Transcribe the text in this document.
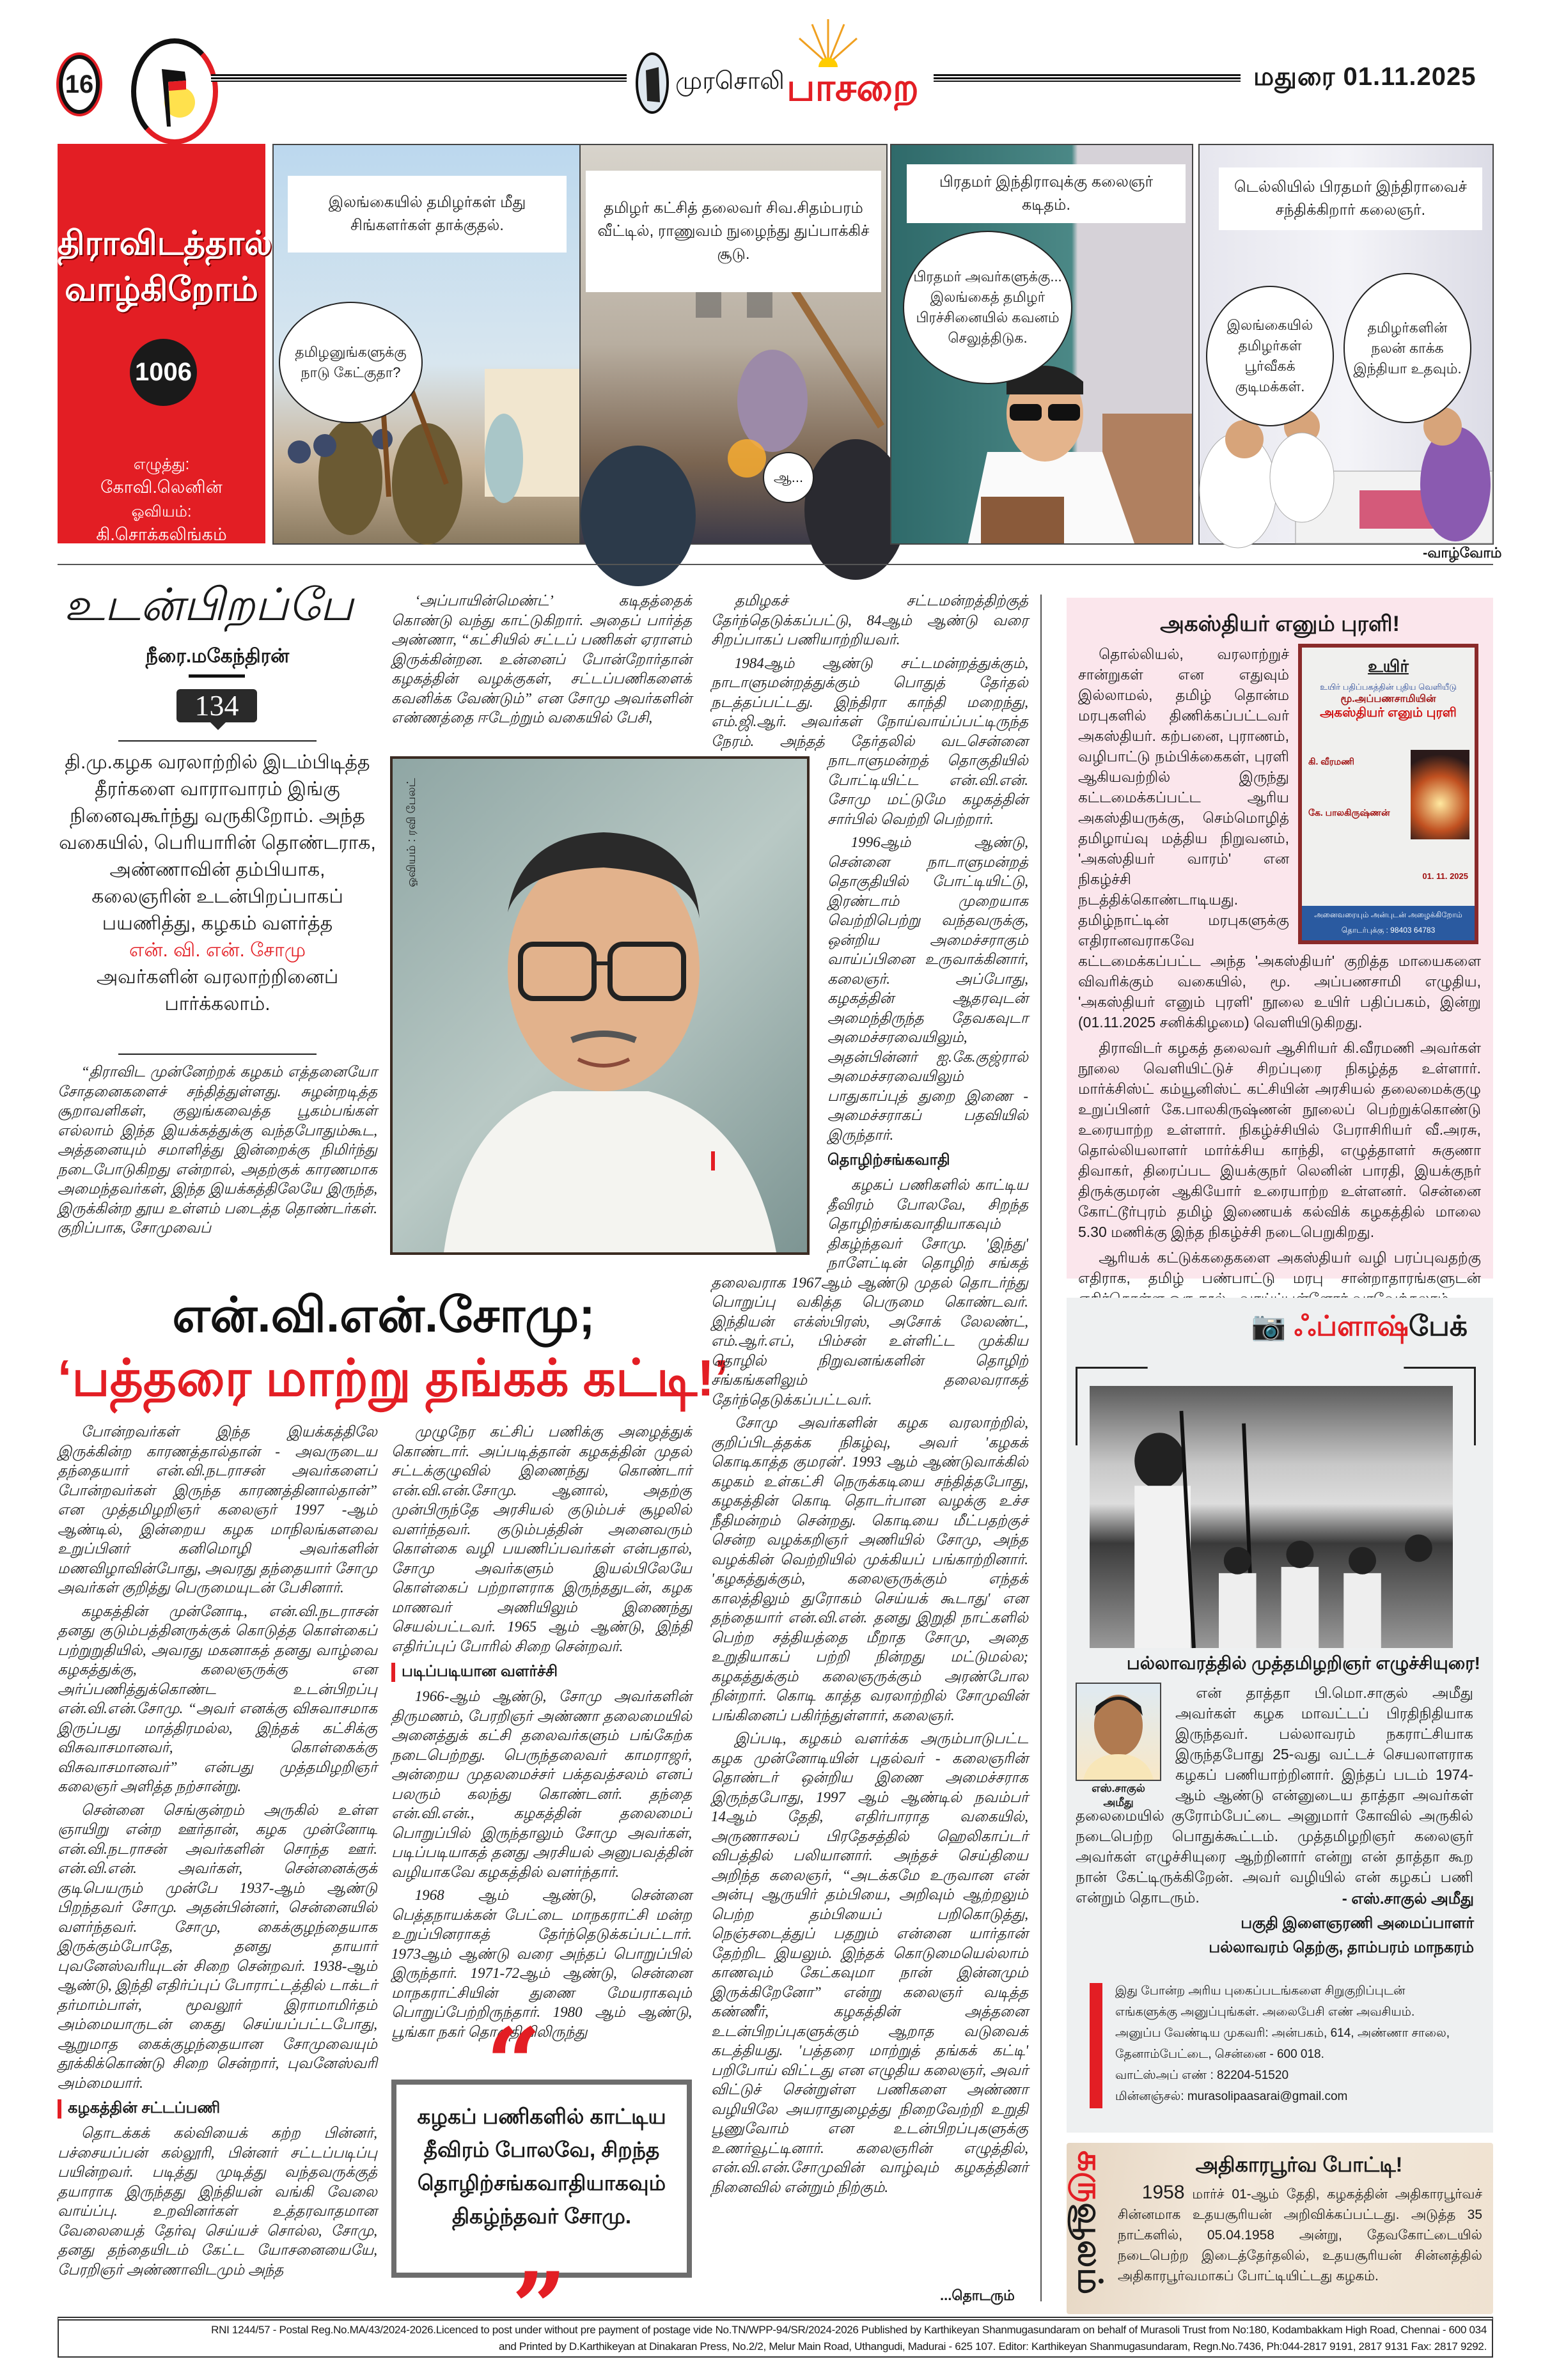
16	முரசொலி பாசறை	மதுரை 01.11.2025
திராவிடத்தால்
வாழ்கிறோம்
1006
எழுத்து:
கோவி.லெனின்
ஓவியம்:
கி.சொக்கலிங்கம்
இலங்கையில் தமிழர்கள் மீது சிங்களர்கள் தாக்குதல்.
தமிழனுங்களுக்கு நாடு கேட்குதா?
தமிழர் கட்சித் தலைவர் சிவ.சிதம்பரம் வீட்டில், ராணுவம் நுழைந்து துப்பாக்கிச் சூடு.
ஆ...
பிரதமர் இந்திராவுக்கு கலைஞர் கடிதம்.
பிரதமர் அவர்களுக்கு... இலங்கைத் தமிழர் பிரச்சினையில் கவனம் செலுத்திடுக.
டெல்லியில் பிரதமர் இந்திராவைச் சந்திக்கிறார் கலைஞர்.
இலங்கையில் தமிழர்கள் பூர்வீகக் குடிமக்கள்.
தமிழர்களின் நலன் காக்க இந்தியா உதவும்.
-வாழ்வோம்
உடன்பிறப்பே
நீரை.மகேந்திரன்
134
தி.மு.கழக வரலாற்றில் இடம்பிடித்த தீரர்களை வாராவாரம் இங்கு நினைவுகூர்ந்து வருகிறோம். அந்த வகையில், பெரியாரின் தொண்டராக, அண்ணாவின் தம்பியாக, கலைஞரின் உடன்பிறப்பாகப் பயணித்து, கழகம் வளர்த்த
என். வி. என். சோமு
அவர்களின் வரலாற்றினைப் பார்க்கலாம்.

“திராவிட முன்னேற்றக் கழகம் எத்தனையோ சோதனைகளைச் சந்தித்துள்ளது. சுழன்றடித்த சூறாவளிகள், குலுங்கவைத்த பூகம்பங்கள் எல்லாம் இந்த இயக்கத்துக்கு வந்தபோதும்கூட, அத்தனையும் சமாளித்து இன்றைக்கு நிமிர்ந்து நடைபோடுகிறது என்றால், அதற்குக் காரணமாக அமைந்தவர்கள், இந்த இயக்கத்திலேயே இருந்த, இருக்கின்ற தூய உள்ளம் படைத்த தொண்டர்கள். குறிப்பாக, சோமுவைப்

‘அப்பாயின்மெண்ட்’ கடிதத்தைக் கொண்டு வந்து காட்டுகிறார். அதைப் பார்த்த அண்ணா, “கட்சியில் சட்டப் பணிகள் ஏராளம் இருக்கின்றன. உன்னைப் போன்றோர்தான் கழகத்தின் வழக்குகள், சட்டப்பணிகளைக் கவனிக்க வேண்டும்” என சோமு அவர்களின் எண்ணத்தை ஈடேற்றும் வகையில் பேசி,

ஓவியம் : ரவி பேலட்
என்.வி.என்.சோமு;
‘பத்தரை மாற்று தங்கக் கட்டி!’

போன்றவர்கள் இந்த இயக்கத்திலே இருக்கின்ற காரணத்தால்தான் - அவருடைய தந்தையார் என்.வி.நடராசன் அவர்களைப் போன்றவர்கள் இருந்த காரணத்தினால்தான்” என முத்தமிழறிஞர் கலைஞர் 1997 -ஆம் ஆண்டில், இன்றைய கழக மாநிலங்களவை உறுப்பினர் கனிமொழி அவர்களின் மணவிழாவின்போது, அவரது தந்தையார் சோமு அவர்கள் குறித்து பெருமையுடன் பேசினார்.

கழகத்தின் முன்னோடி, என்.வி.நடராசன் தனது குடும்பத்தினருக்குக் கொடுத்த கொள்கைப் பற்றுறுதியில், அவரது மகனாகத் தனது வாழ்வை கழகத்துக்கு, கலைஞருக்கு என அர்ப்பணித்துக்கொண்ட உடன்பிறப்பு என்.வி.என்.சோமு. “அவர் எனக்கு விசுவாசமாக இருப்பது மாத்திரமல்ல, இந்தக் கட்சிக்கு விசுவாசமானவர், கொள்கைக்கு விசுவாசமானவர்” என்பது முத்தமிழறிஞர் கலைஞர் அளித்த நற்சான்று.

சென்னை செங்குன்றம் அருகில் உள்ள ஞாயிறு என்ற ஊர்தான், கழக முன்னோடி என்.வி.நடராசன் அவர்களின் சொந்த ஊர். என்.வி.என். அவர்கள், சென்னைக்குக் குடிபெயரும் முன்பே 1937-ஆம் ஆண்டு பிறந்தவர் சோமு. அதன்பின்னர், சென்னையில் வளர்ந்தவர். சோமு, கைக்குழந்தையாக இருக்கும்போதே, தனது தாயார் புவனேஸ்வரியுடன் சிறை சென்றவர். 1938-ஆம் ஆண்டு, இந்தி எதிர்ப்புப் போராட்டத்தில் டாக்டர் தர்மாம்பாள், மூவலூர் இராமாமிர்தம் அம்மையாருடன் கைது செய்யப்பட்டபோது, ஆறுமாத கைக்குழந்தையான சோமுவையும் தூக்கிக்கொண்டு சிறை சென்றார், புவனேஸ்வரி அம்மையார்.

கழகத்தின் சட்டப்பணி

தொடக்கக் கல்வியைக் கற்ற பின்னர், பச்சையப்பன் கல்லூரி, பின்னர் சட்டப்படிப்பு பயின்றவர். படித்து முடித்து வந்தவருக்குத் தயாராக இருந்தது இந்தியன் வங்கி வேலை வாய்ப்பு. உறவினர்கள் உத்தரவாதமான வேலையைத் தேர்வு செய்யச் சொல்ல, சோமு, தனது தந்தையிடம் கேட்ட யோசனையையே, பேரறிஞர் அண்ணாவிடமும் அந்த

முழுநேர கட்சிப் பணிக்கு அழைத்துக் கொண்டார். அப்படித்தான் கழகத்தின் முதல் சட்டக்குழுவில் இணைந்து கொண்டார் என்.வி.என்.சோமு. ஆனால், அதற்கு முன்பிருந்தே அரசியல் குடும்பச் சூழலில் வளர்ந்தவர். குடும்பத்தின் அனைவரும் கொள்கை வழி பயணிப்பவர்கள் என்பதால், சோமு அவர்களும் இயல்பிலேயே கொள்கைப் பற்றாளராக இருந்ததுடன், கழக மாணவர் அணியிலும் இணைந்து செயல்பட்டவர். 1965 ஆம் ஆண்டு, இந்தி எதிர்ப்புப் போரில் சிறை சென்றவர்.

படிப்படியான வளர்ச்சி

1966-ஆம் ஆண்டு, சோமு அவர்களின் திருமணம், பேரறிஞர் அண்ணா தலைமையில் அனைத்துக் கட்சி தலைவர்களும் பங்கேற்க நடைபெற்றது. பெருந்தலைவர் காமராஜர், அன்றைய முதலமைச்சர் பக்தவத்சலம் எனப் பலரும் கலந்து கொண்டனர். தந்தை என்.வி.என்., கழகத்தின் தலைமைப் பொறுப்பில் இருந்தாலும் சோமு அவர்கள், படிப்படியாகத் தனது அரசியல் அனுபவத்தின் வழியாகவே கழகத்தில் வளர்ந்தார்.

1968 ஆம் ஆண்டு, சென்னை பெத்தநாயக்கன் பேட்டை மாநகராட்சி மன்ற உறுப்பினராகத் தேர்ந்தெடுக்கப்பட்டார். 1973ஆம் ஆண்டு வரை அந்தப் பொறுப்பில் இருந்தார். 1971-72ஆம் ஆண்டு, சென்னை மாநகராட்சியின் துணை மேயராகவும் பொறுப்பேற்றிருந்தார். 1980 ஆம் ஆண்டு, பூங்கா நகர் தொகுதியிலிருந்து

“
கழகப் பணிகளில் காட்டிய தீவிரம் போலவே, சிறந்த தொழிற்சங்கவாதியாகவும் திகழ்ந்தவர் சோமு.
”

தமிழகச் சட்டமன்றத்திற்குத் தேர்ந்தெடுக்கப்பட்டு, 84ஆம் ஆண்டு வரை சிறப்பாகப் பணியாற்றியவர்.

1984ஆம் ஆண்டு சட்டமன்றத்துக்கும், நாடாளுமன்றத்துக்கும் பொதுத் தேர்தல் நடத்தப்பட்டது. இந்திரா காந்தி மறைந்து, எம்.ஜி.ஆர். அவர்கள் நோய்வாய்ப்பட்டிருந்த நேரம். அந்தத் தேர்தலில் வடசென்னை நாடாளுமன்றத் தொகுதியில் போட்டியிட்ட என்.வி.என். சோமு மட்டுமே கழகத்தின் சார்பில் வெற்றி பெற்றார்.

1996ஆம் ஆண்டு, சென்னை நாடாளுமன்றத் தொகுதியில் போட்டியிட்டு, இரண்டாம் முறையாக வெற்றிபெற்று வந்தவருக்கு, ஒன்றிய அமைச்சராகும் வாய்ப்பினை உருவாக்கினார், கலைஞர். அப்போது, கழகத்தின் ஆதரவுடன் அமைந்திருந்த தேவகவுடா அமைச்சரவையிலும், அதன்பின்னர் ஐ.கே.குஜ்ரால் அமைச்சரவையிலும் பாதுகாப்புத் துறை இணை - அமைச்சராகப் பதவியில் இருந்தார்.

தொழிற்சங்கவாதி

கழகப் பணிகளில் காட்டிய தீவிரம் போலவே, சிறந்த தொழிற்சங்கவாதியாகவும் திகழ்ந்தவர் சோமு. 'இந்து' நாளேட்டின் தொழிற் சங்கத் தலைவராக 1967ஆம் ஆண்டு முதல் தொடர்ந்து பொறுப்பு வகித்த பெருமை கொண்டவர். இந்தியன் எக்ஸ்பிரஸ், அசோக் லேலண்ட், எம்.ஆர்.எப், பிம்சன் உள்ளிட்ட முக்கிய தொழில் நிறுவனங்களின் தொழிற் சங்கங்களிலும் தலைவராகத் தேர்ந்தெடுக்கப்பட்டவர்.

சோமு அவர்களின் கழக வரலாற்றில், குறிப்பிடத்தக்க நிகழ்வு, அவர் 'கழகக் கொடிகாத்த குமரன்'. 1993 ஆம் ஆண்டுவாக்கில் கழகம் உள்கட்சி நெருக்கடியை சந்தித்தபோது, கழகத்தின் கொடி தொடர்பான வழக்கு உச்ச நீதிமன்றம் சென்றது. கொடியை மீட்பதற்குச் சென்ற வழக்கறிஞர் அணியில் சோமு, அந்த வழக்கின் வெற்றியில் முக்கியப் பங்காற்றினார். 'கழகத்துக்கும், கலைஞருக்கும் எந்தக் காலத்திலும் துரோகம் செய்யக் கூடாது' என தந்தையார் என்.வி.என். தனது இறுதி நாட்களில் பெற்ற சத்தியத்தை மீறாத சோமு, அதை உறுதியாகப் பற்றி நின்றது மட்டுமல்ல; கழகத்துக்கும் கலைஞருக்கும் அரண்போல நின்றார். கொடி காத்த வரலாற்றில் சோமுவின் பங்கினைப் பகிர்ந்துள்ளார், கலைஞர்.

இப்படி, கழகம் வளர்க்க அரும்பாடுபட்ட கழக முன்னோடியின் புதல்வர் - கலைஞரின் தொண்டர் ஒன்றிய இணை அமைச்சராக இருந்தபோது, 1997 ஆம் ஆண்டில் நவம்பர் 14ஆம் தேதி, எதிர்பாராத வகையில், அருணாசலப் பிரதேசத்தில் ஹெலிகாப்டர் விபத்தில் பலியானார். அந்தச் செய்தியை அறிந்த கலைஞர், “அடக்கமே உருவான என் அன்பு ஆருயிர் தம்பியை, அறிவும் ஆற்றலும் பெற்ற தம்பியைப் பறிகொடுத்து, நெஞ்சடைத்துப் பதறும் என்னை யார்தான் தேற்றிட இயலும். இந்தக் கொடுமையெல்லாம் காணவும் கேட்கவுமா நான் இன்னமும் இருக்கிறேனோ” என்று கலைஞர் வடித்த கண்ணீர், கழகத்தின் அத்தனை உடன்பிறப்புகளுக்கும் ஆறாத வடுவைக் கடத்தியது. 'பத்தரை மாற்றுத் தங்கக் கட்டி' பறிபோய் விட்டது என எழுதிய கலைஞர், அவர் விட்டுச் சென்றுள்ள பணிகளை அண்ணா வழியிலே அயராதுழைத்து நிறைவேற்றி உறுதி பூணுவோம் என உடன்பிறப்புகளுக்கு உணர்வூட்டினார். கலைஞரின் எழுத்தில், என்.வி.என்.சோமுவின் வாழ்வும் கழகத்தினர் நினைவில் என்றும் நிற்கும்.

...தொடரும்
அகஸ்தியர் எனும் புரளி!
உயிர்
உயிர் பதிப்பகத்தின் புதிய வெளியீடு
மூ.அப்பணசாமியின்
அகஸ்தியர் எனும் புரளி
கி. வீரமணி
கே. பாலகிருஷ்ணன்
01. 11. 2025
அனைவரையும் அன்புடன் அழைக்கிறோம்
தொடர்புக்கு : 98403 64783

தொல்லியல், வரலாற்றுச் சான்றுகள் என எதுவும் இல்லாமல், தமிழ் தொன்ம மரபுகளில் திணிக்கப்பட்டவர் அகஸ்தியர். கற்பனை, புராணம், வழிபாட்டு நம்பிக்கைகள், புரளி ஆகியவற்றில் இருந்து கட்டமைக்கப்பட்ட ஆரிய அகஸ்தியருக்கு, செம்மொழித் தமிழாய்வு மத்திய நிறுவனம், 'அகஸ்தியர் வாரம்' என நிகழ்ச்சி நடத்திக்கொண்டாடியது. தமிழ்நாட்டின் மரபுகளுக்கு எதிரானவராகவே கட்டமைக்கப்பட்ட அந்த 'அகஸ்தியர்' குறித்த மாயைகளை விவரிக்கும் வகையில், மூ. அப்பணசாமி எழுதிய, 'அகஸ்தியர் எனும் புரளி' நூலை உயிர் பதிப்பகம், இன்று (01.11.2025 சனிக்கிழமை) வெளியிடுகிறது.

திராவிடர் கழகத் தலைவர் ஆசிரியர் கி.வீரமணி அவர்கள் நூலை வெளியிட்டுச் சிறப்புரை நிகழ்த்த உள்ளார். மார்க்சிஸ்ட் கம்யூனிஸ்ட் கட்சியின் அரசியல் தலைமைக்குழு உறுப்பினர் கே.பாலகிருஷ்ணன் நூலைப் பெற்றுக்கொண்டு உரையாற்ற உள்ளார். நிகழ்ச்சியில் பேராசிரியர் வீ.அரசு, தொல்லியலாளர் மார்க்சிய காந்தி, எழுத்தாளர் சுகுணா திவாகர், திரைப்பட இயக்குநர் லெனின் பாரதி, இயக்குநர் திருக்குமரன் ஆகியோர் உரையாற்ற உள்ளனர். சென்னை கோட்டூர்புரம் தமிழ் இணையக் கல்விக் கழகத்தில் மாலை 5.30 மணிக்கு இந்த நிகழ்ச்சி நடைபெறுகிறது.

ஆரியக் கட்டுக்கதைகளை அகஸ்தியர் வழி பரப்புவதற்கு எதிராக, தமிழ் பண்பாட்டு மரபு சான்றாதாரங்களுடன்

📷 ஃப்ளாஷ்பேக்
பல்லாவரத்தில் முத்தமிழறிஞர் எழுச்சியுரை!
எஸ்.சாகுல் அமீது

என் தாத்தா பி.மொ.சாகுல் அமீது அவர்கள் கழக மாவட்டப் பிரதிநிதியாக இருந்தவர். பல்லாவரம் நகராட்சியாக இருந்தபோது 25-வது வட்டச் செயலாளராக கழகப் பணியாற்றினார். இந்தப் படம் 1974-ஆம் ஆண்டு என்னுடைய தாத்தா அவர்கள் தலைமையில் குரோம்பேட்டை அனுமார் கோவில் அருகில் நடைபெற்ற பொதுக்கூட்டம். முத்தமிழறிஞர் கலைஞர் அவர்கள் எழுச்சியுரை ஆற்றினார் என்று என் தாத்தா கூற நான் கேட்டிருக்கிறேன். அவர் வழியில் என் கழகப் பணி என்றும் தொடரும்.	- எஸ்.சாகுல் அமீது
பகுதி இளைஞரணி அமைப்பாளர்
பல்லாவரம் தெற்கு, தாம்பரம் மாநகரம்
இது போன்ற அரிய புகைப்படங்களை சிறுகுறிப்புடன் எங்களுக்கு அனுப்புங்கள். அலைபேசி எண் அவசியம்.
அனுப்ப வேண்டிய முகவரி: அன்பகம், 614, அண்ணா சாலை, தேனாம்பேட்டை, சென்னை - 600 018.
வாட்ஸ்அப் எண் : 82204-51520
மின்னஞ்சல்: murasolipaasarai@gmail.com
கருவூலம்
அதிகாரபூர்வ போட்டி!
1958 மார்ச் 01-ஆம் தேதி, கழகத்தின் அதிகாரபூர்வச் சின்னமாக உதயசூரியன் அறிவிக்கப்பட்டது. அடுத்த 35 நாட்களில், 05.04.1958 அன்று, தேவகோட்டையில் நடைபெற்ற இடைத்தேர்தலில், உதயசூரியன் சின்னத்தில் அதிகாரபூர்வமாகப் போட்டியிட்டது கழகம்.
RNI 1244/57 - Postal Reg.No.MA/43/2024-2026.Licenced to post under without pre payment of postage vide No.TN/WPP-94/SR/2024-2026 Published by Karthikeyan Shanmugasundaram on behalf of Murasoli Trust from No:180, Kodambakkam High Road, Chennai - 600 034
and Printed by D.Karthikeyan at Dinakaran Press, No.2/2, Melur Main Road, Uthangudi, Madurai - 625 107. Editor: Karthikeyan Shanmugasundaram, Regn.No.7436, Ph:044-2817 9191, 2817 9131 Fax: 2817 9292.
